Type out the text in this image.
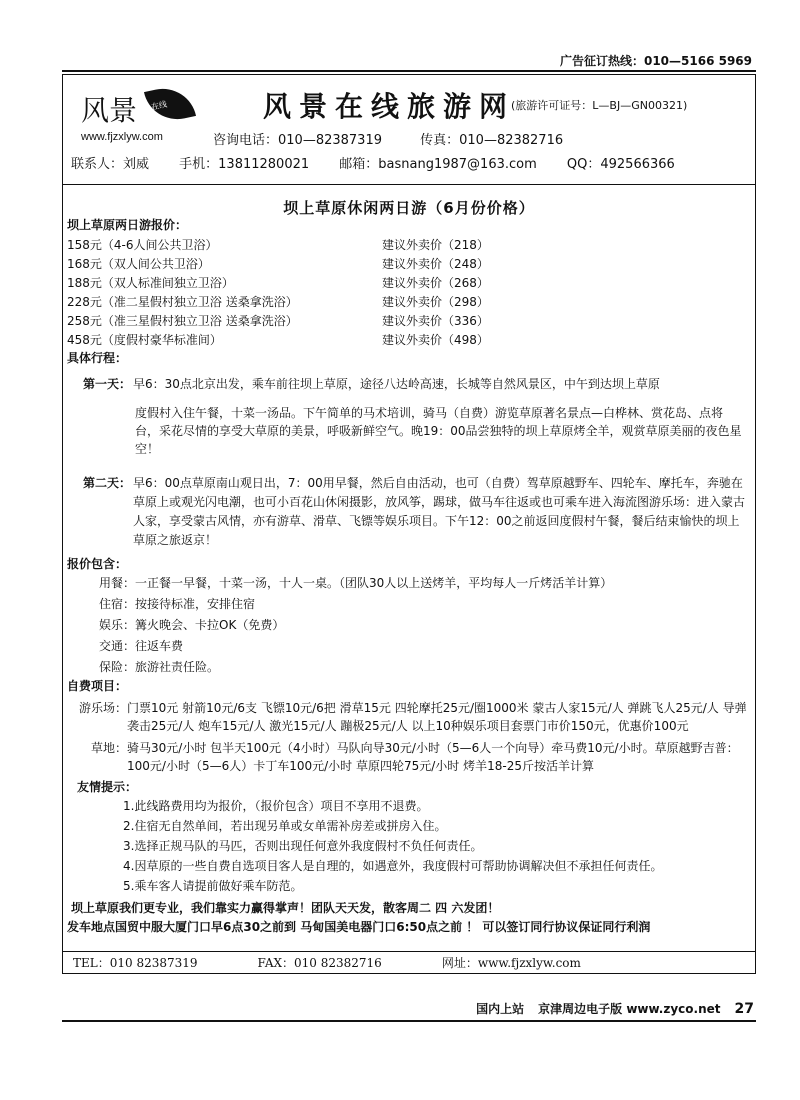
广告征订热线：010—5166 5969
风景 在线
www.fjzxlyw.com
风景在线旅游网
(旅游许可证号：L—BJ—GN00321)
咨询电话：010—82387319	传真：010—82382716
联系人：刘威 手机：13811280021 邮箱：basnang1987@163.com QQ：492566366
坝上草原休闲两日游（6月份价格）
坝上草原两日游报价：
158元（4-6人间公共卫浴）	建议外卖价（218）
168元（双人间公共卫浴）	建议外卖价（248）
188元（双人标准间独立卫浴）	建议外卖价（268）
228元（准二星假村独立卫浴 送桑拿洗浴）	建议外卖价（298）
258元（准三星假村独立卫浴 送桑拿洗浴）	建议外卖价（336）
458元（度假村豪华标准间）	建议外卖价（498）
具体行程：
第一天： 早6：30点北京出发，乘车前往坝上草原，途径八达岭高速，长城等自然风景区，中午到达坝上草原
度假村入住午餐，十菜一汤品。下午简单的马术培训，骑马（自费）游览草原著名景点—白桦林、赏花岛、点将台，采花尽情的享受大草原的美景，呼吸新鲜空气。晚19：00品尝独特的坝上草原烤全羊，观赏草原美丽的夜色星空！
第二天： 早6：00点草原南山观日出，7：00用早餐，然后自由活动，也可（自费）驾草原越野车、四轮车、摩托车，奔驰在草原上或观光闪电潮，也可小百花山休闲摄影，放风筝，踢球，做马车往返或也可乘车进入海流图游乐场：进入蒙古人家，享受蒙古风情，亦有游草、滑草、飞镖等娱乐项目。下午12：00之前返回度假村午餐，餐后结束愉快的坝上草原之旅返京！
报价包含：
用餐： 一正餐一早餐，十菜一汤，十人一桌。（团队30人以上送烤羊，平均每人一斤烤活羊计算）
住宿： 按接待标准，安排住宿
娱乐： 篝火晚会、卡拉OK（免费）
交通： 往返车费
保险： 旅游社责任险。
自费项目：
游乐场： 门票10元 射箭10元/6支 飞镖10元/6把 滑草15元 四轮摩托25元/圈1000米 蒙古人家15元/人 弹跳飞人25元/人 导弹袭击25元/人 炮车15元/人 激光15元/人 蹦极25元/人 以上10种娱乐项目套票门市价150元，优惠价100元
草地： 骑马30元/小时 包半天100元（4小时）马队向导30元/小时（5—6人一个向导）牵马费10元/小时。草原越野吉普：100元/小时（5—6人）卡丁车100元/小时 草原四轮75元/小时 烤羊18-25斤按活羊计算
友情提示：
1.此线路费用均为报价，（报价包含）项目不享用不退费。
2.住宿无自然单间，若出现另单或女单需补房差或拼房入住。
3.选择正规马队的马匹，否则出现任何意外我度假村不负任何责任。
4.因草原的一些自费自选项目客人是自理的，如遇意外，我度假村可帮助协调解决但不承担任何责任。
5.乘车客人请提前做好乘车防范。
坝上草原我们更专业，我们靠实力赢得掌声！团队天天发，散客周二 四 六发团！
发车地点国贸中服大厦门口早6点30之前到 马甸国美电器门口6:50点之前 ！ 可以签订同行协议保证同行利润
TEL：010 82387319	FAX：010 82382716	网址：www.fjzxlyw.com
国内上站 京津周边电子版 www.zyco.net 27
